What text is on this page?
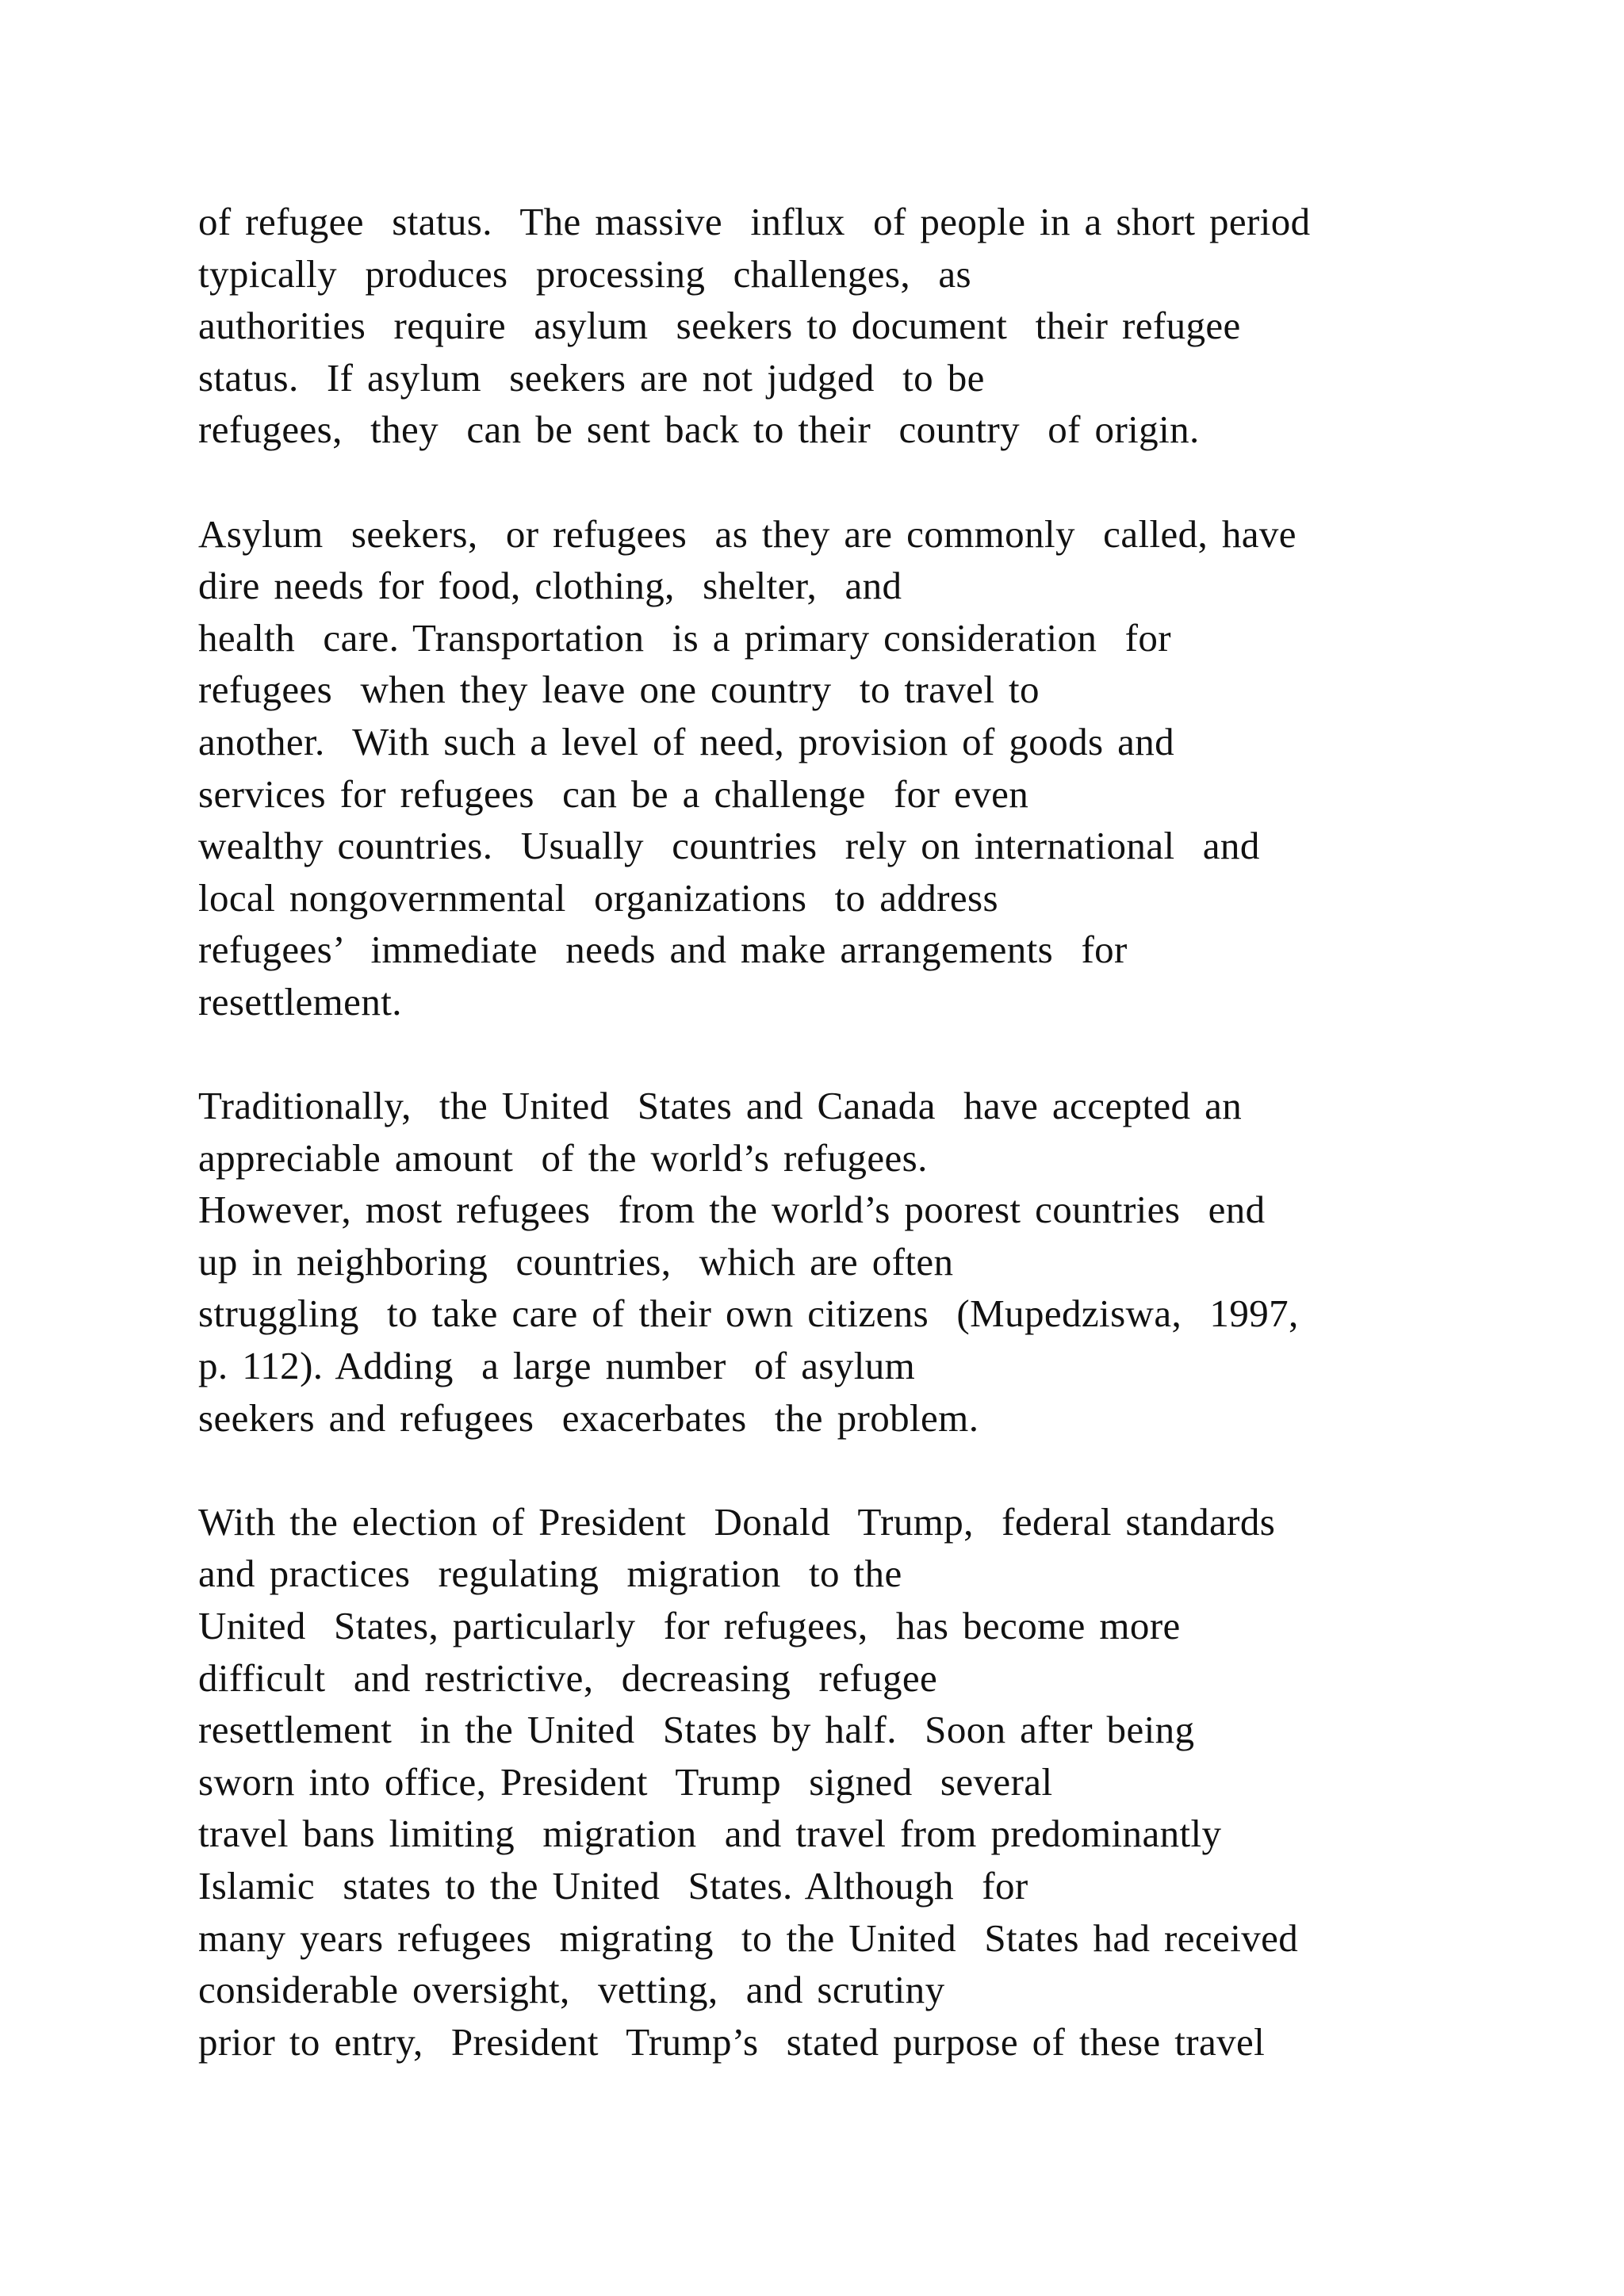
of refugee  status.  The massive  influx  of people in a short period
typically  produces  processing  challenges,  as
authorities  require  asylum  seekers to document  their refugee
status.  If asylum  seekers are not judged  to be
refugees,  they  can be sent back to their  country  of origin.
Asylum  seekers,  or refugees  as they are commonly  called, have
dire needs for food, clothing,  shelter,  and
health  care. Transportation  is a primary consideration  for
refugees  when they leave one country  to travel to
another.  With such a level of need, provision of goods and
services for refugees  can be a challenge  for even
wealthy countries.  Usually  countries  rely on international  and
local nongovernmental  organizations  to address
refugees’  immediate  needs and make arrangements  for
resettlement.
Traditionally,  the United  States and Canada  have accepted an
appreciable amount  of the world’s refugees.
However, most refugees  from the world’s poorest countries  end
up in neighboring  countries,  which are often
struggling  to take care of their own citizens  (Mupedziswa,  1997,
p. 112). Adding  a large number  of asylum
seekers and refugees  exacerbates  the problem.
With the election of President  Donald  Trump,  federal standards
and practices  regulating  migration  to the
United  States, particularly  for refugees,  has become more
difficult  and restrictive,  decreasing  refugee
resettlement  in the United  States by half.  Soon after being
sworn into office, President  Trump  signed  several
travel bans limiting  migration  and travel from predominantly
Islamic  states to the United  States. Although  for
many years refugees  migrating  to the United  States had received
considerable oversight,  vetting,  and scrutiny
prior to entry,  President  Trump’s  stated purpose of these travel
